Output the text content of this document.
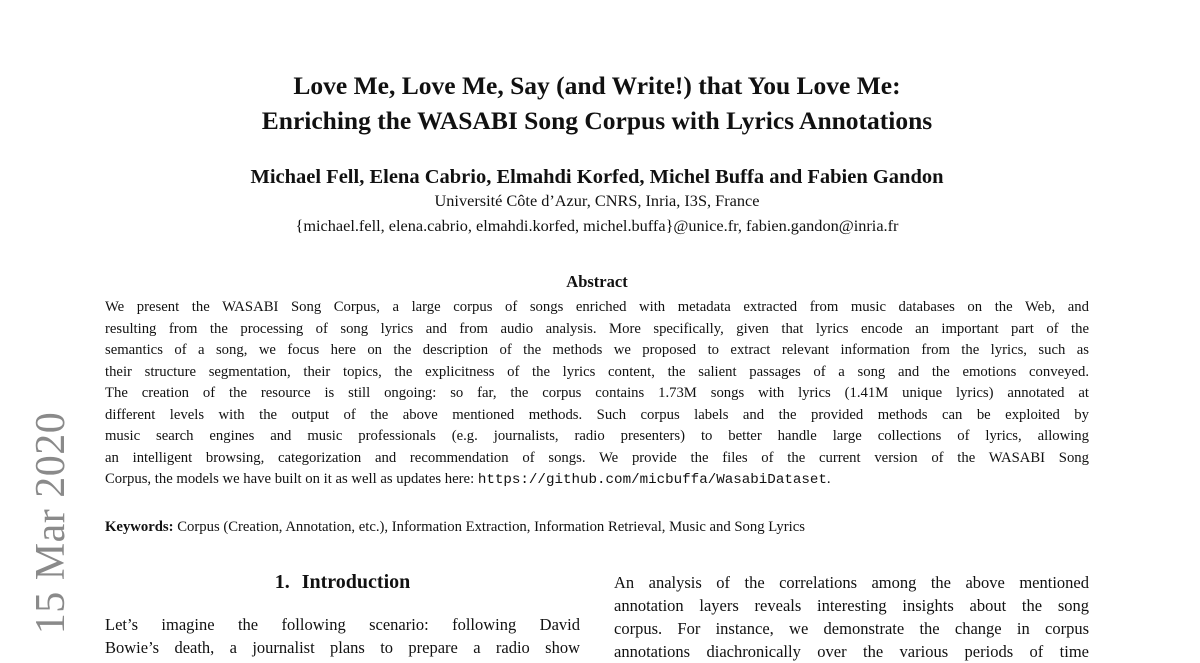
15 Mar 2020
Love Me, Love Me, Say (and Write!) that You Love Me:
Enriching the WASABI Song Corpus with Lyrics Annotations
Michael Fell, Elena Cabrio, Elmahdi Korfed, Michel Buffa and Fabien Gandon
Université Côte d’Azur, CNRS, Inria, I3S, France
{michael.fell, elena.cabrio, elmahdi.korfed, michel.buffa}@unice.fr, fabien.gandon@inria.fr
Abstract
We present the WASABI Song Corpus, a large corpus of songs enriched with metadata extracted from music databases on the Web, and
resulting from the processing of song lyrics and from audio analysis. More specifically, given that lyrics encode an important part of the
semantics of a song, we focus here on the description of the methods we proposed to extract relevant information from the lyrics, such as
their structure segmentation, their topics, the explicitness of the lyrics content, the salient passages of a song and the emotions conveyed.
The creation of the resource is still ongoing: so far, the corpus contains 1.73M songs with lyrics (1.41M unique lyrics) annotated at
different levels with the output of the above mentioned methods. Such corpus labels and the provided methods can be exploited by
music search engines and music professionals (e.g. journalists, radio presenters) to better handle large collections of lyrics, allowing
an intelligent browsing, categorization and recommendation of songs. We provide the files of the current version of the WASABI Song
Corpus, the models we have built on it as well as updates here: https://github.com/micbuffa/WasabiDataset.
Keywords: Corpus (Creation, Annotation, etc.), Information Extraction, Information Retrieval, Music and Song Lyrics
1. Introduction
Let’s imagine the following scenario: following David
Bowie’s death, a journalist plans to prepare a radio show
An analysis of the correlations among the above mentioned
annotation layers reveals interesting insights about the song
corpus. For instance, we demonstrate the change in corpus
annotations diachronically over the various periods of time
